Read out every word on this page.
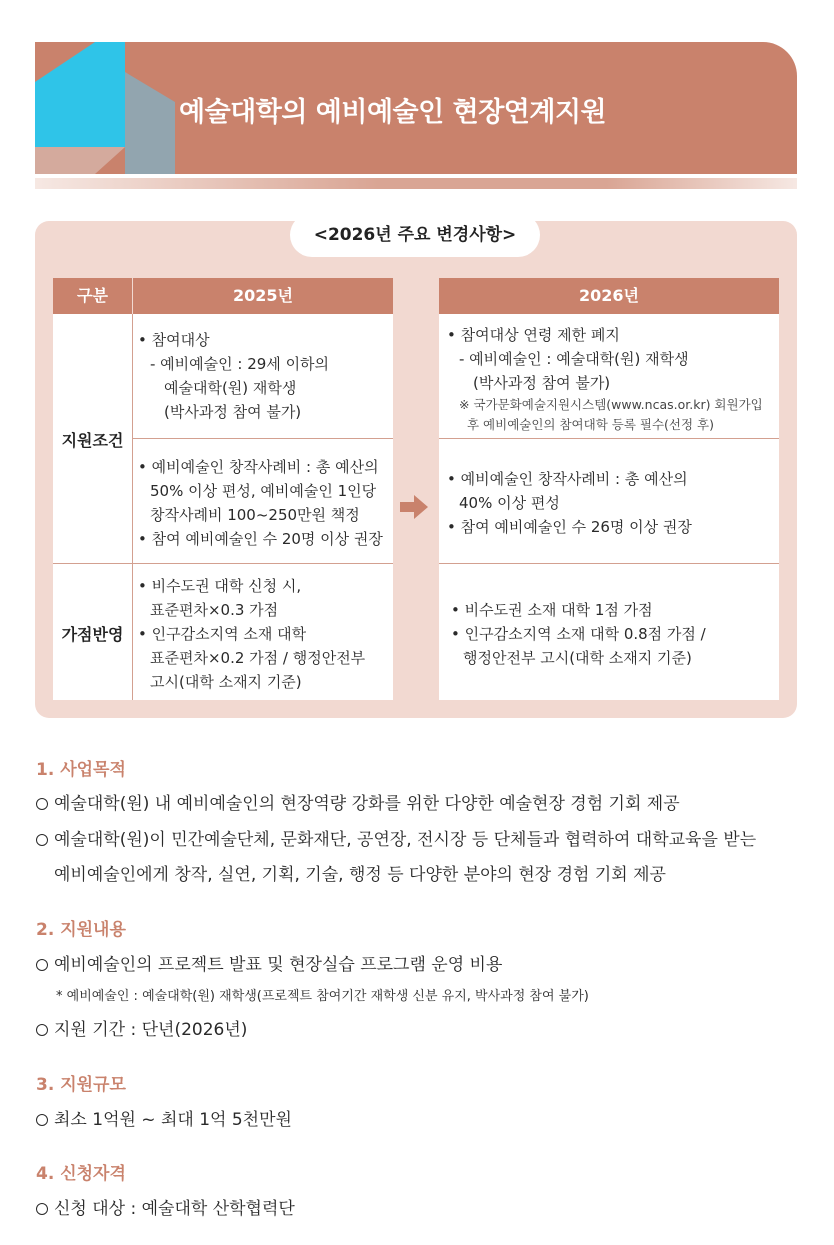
예술대학의 예비예술인 현장연계지원
<2026년 주요 변경사항>
구분	2025년	2026년
지원조건
가점반영
• 참여대상
- 예비예술인 : 29세 이하의
예술대학(원) 재학생
(박사과정 참여 불가)
• 참여대상 연령 제한 폐지
- 예비예술인 : 예술대학(원) 재학생
(박사과정 참여 불가)
※ 국가문화예술지원시스템(www.ncas.or.kr) 회원가입
후 예비예술인의 참여대학 등록 필수(선정 후)
• 예비예술인 창작사례비 : 총 예산의
50% 이상 편성, 예비예술인 1인당
창작사례비 100~250만원 책정
• 참여 예비예술인 수 20명 이상 권장
• 예비예술인 창작사례비 : 총 예산의
40% 이상 편성
• 참여 예비예술인 수 26명 이상 권장
• 비수도권 대학 신청 시,
표준편차×0.3 가점
• 인구감소지역 소재 대학
표준편차×0.2 가점 / 행정안전부
고시(대학 소재지 기준)
• 비수도권 소재 대학 1점 가점
• 인구감소지역 소재 대학 0.8점 가점 /
행정안전부 고시(대학 소재지 기준)
1. 사업목적
예술대학(원) 내 예비예술인의 현장역량 강화를 위한 다양한 예술현장 경험 기회 제공
예술대학(원)이 민간예술단체, 문화재단, 공연장, 전시장 등 단체들과 협력하여 대학교육을 받는
예비예술인에게 창작, 실연, 기획, 기술, 행정 등 다양한 분야의 현장 경험 기회 제공
2. 지원내용
예비예술인의 프로젝트 발표 및 현장실습 프로그램 운영 비용
* 예비예술인 : 예술대학(원) 재학생(프로젝트 참여기간 재학생 신분 유지, 박사과정 참여 불가)
지원 기간 : 단년(2026년)
3. 지원규모
최소 1억원 ~ 최대 1억 5천만원
4. 신청자격
신청 대상 : 예술대학 산학협력단
